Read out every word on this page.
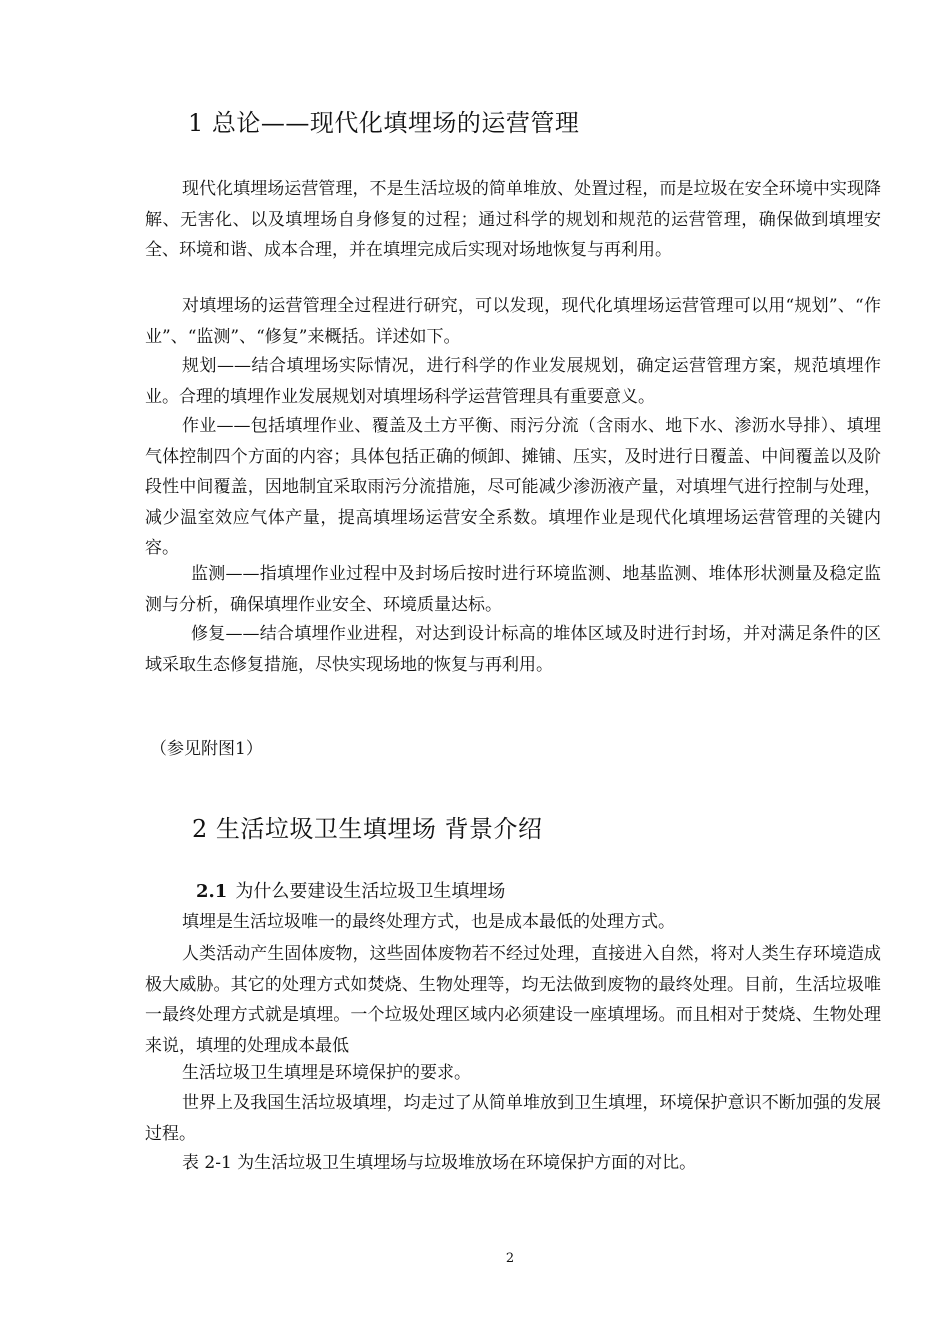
1 总论——现代化填埋场的运营管理

现代化填埋场运营管理，不是生活垃圾的简单堆放、处置过程，而是垃圾在安全环境中实现降解、无害化、以及填埋场自身修复的过程；通过科学的规划和规范的运营管理，确保做到填埋安全、环境和谐、成本合理，并在填埋完成后实现对场地恢复与再利用。

对填埋场的运营管理全过程进行研究，可以发现，现代化填埋场运营管理可以用“规划”、“作业”、“监测”、“修复”来概括。详述如下。

规划——结合填埋场实际情况，进行科学的作业发展规划，确定运营管理方案，规范填埋作业。合理的填埋作业发展规划对填埋场科学运营管理具有重要意义。

作业——包括填埋作业、覆盖及土方平衡、雨污分流（含雨水、地下水、渗沥水导排）、填埋气体控制四个方面的内容；具体包括正确的倾卸、摊铺、压实，及时进行日覆盖、中间覆盖以及阶段性中间覆盖，因地制宜采取雨污分流措施，尽可能减少渗沥液产量，对填埋气进行控制与处理，减少温室效应气体产量，提高填埋场运营安全系数。填埋作业是现代化填埋场运营管理的关键内容。

监测——指填埋作业过程中及封场后按时进行环境监测、地基监测、堆体形状测量及稳定监测与分析，确保填埋作业安全、环境质量达标。

修复——结合填埋作业进程，对达到设计标高的堆体区域及时进行封场，并对满足条件的区域采取生态修复措施，尽快实现场地的恢复与再利用。

（参见附图1）
2 生活垃圾卫生填埋场 背景介绍
2.1 为什么要建设生活垃圾卫生填埋场

填埋是生活垃圾唯一的最终处理方式，也是成本最低的处理方式。

人类活动产生固体废物，这些固体废物若不经过处理，直接进入自然，将对人类生存环境造成极大威胁。其它的处理方式如焚烧、生物处理等，均无法做到废物的最终处理。目前，生活垃圾唯一最终处理方式就是填埋。一个垃圾处理区域内必须建设一座填埋场。而且相对于焚烧、生物处理来说，填埋的处理成本最低

生活垃圾卫生填埋是环境保护的要求。

世界上及我国生活垃圾填埋，均走过了从简单堆放到卫生填埋，环境保护意识不断加强的发展过程。

表 2-1 为生活垃圾卫生填埋场与垃圾堆放场在环境保护方面的对比。

2
